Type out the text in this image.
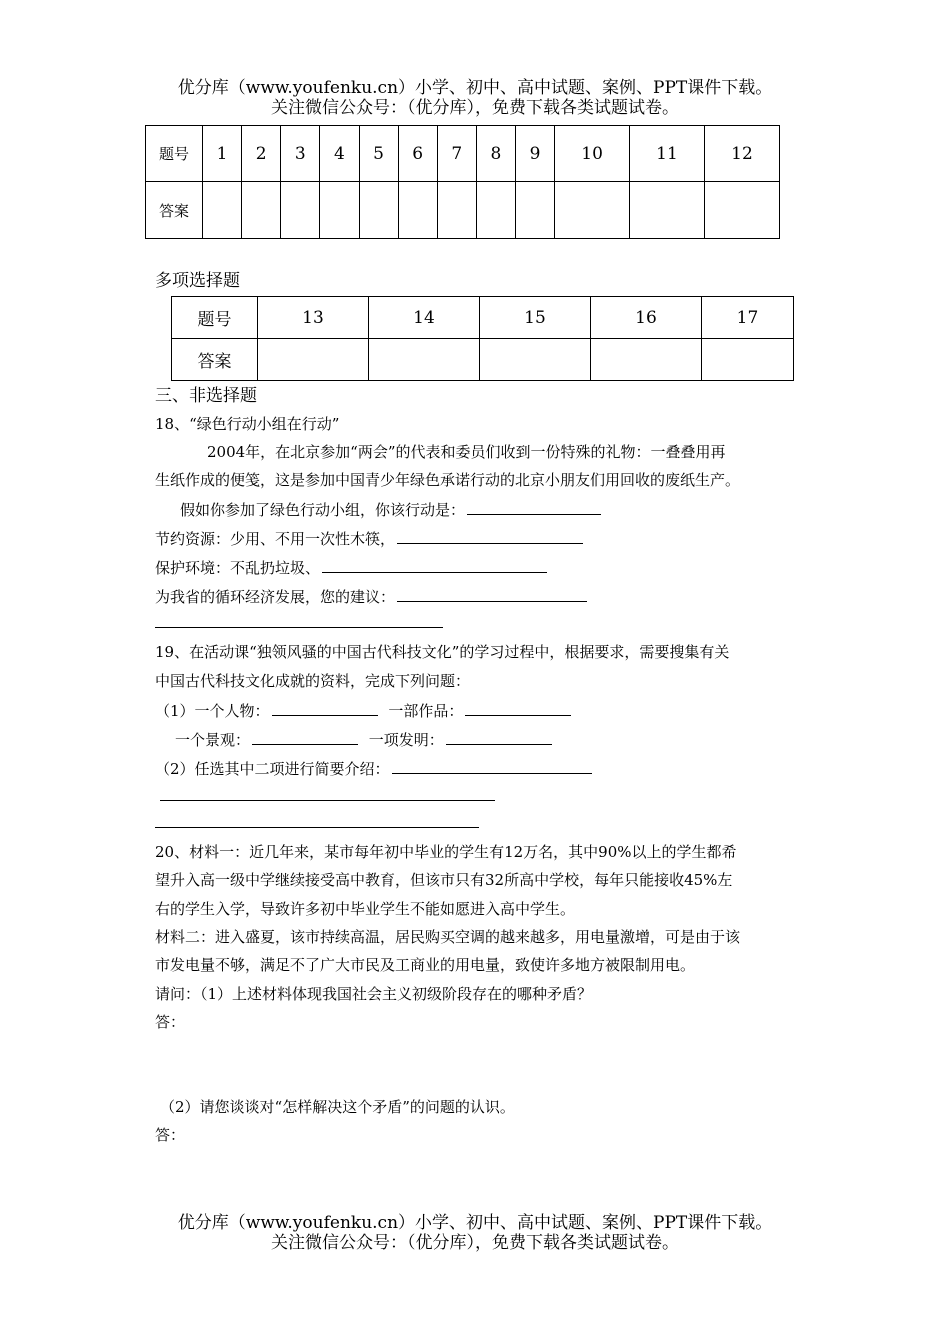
优分库（www.youfenku.cn）小学、初中、高中试题、案例、PPT课件下载。
关注微信公众号：（优分库），免费下载各类试题试卷。
题号	1	2	3	4	5	6	7	8	9	10	11	12
答案												
多项选择题
题号	13	14	15	16	17
答案					
三、非选择题
18、“绿色行动小组在行动”
2004年，在北京参加“两会”的代表和委员们收到一份特殊的礼物：一叠叠用再
生纸作成的便笺，这是参加中国青少年绿色承诺行动的北京小朋友们用回收的废纸生产。
假如你参加了绿色行动小组，你该行动是：
节约资源：少用、不用一次性木筷，
保护环境：不乱扔垃圾、
为我省的循环经济发展，您的建议：
19、在活动课“独领风骚的中国古代科技文化”的学习过程中，根据要求，需要搜集有关
中国古代科技文化成就的资料，完成下列问题：
（1）一个人物：	一部作品：
一个景观：	一项发明：
（2）任选其中二项进行简要介绍：
20、材料一：近几年来，某市每年初中毕业的学生有12万名，其中90%以上的学生都希
望升入高一级中学继续接受高中教育，但该市只有32所高中学校，每年只能接收45%左
右的学生入学，导致许多初中毕业学生不能如愿进入高中学生。
材料二：进入盛夏，该市持续高温，居民购买空调的越来越多，用电量激增，可是由于该
市发电量不够，满足不了广大市民及工商业的用电量，致使许多地方被限制用电。
请问：（1）上述材料体现我国社会主义初级阶段存在的哪种矛盾？
答：
（2）请您谈谈对“怎样解决这个矛盾”的问题的认识。
答：
优分库（www.youfenku.cn）小学、初中、高中试题、案例、PPT课件下载。
关注微信公众号：（优分库），免费下载各类试题试卷。
